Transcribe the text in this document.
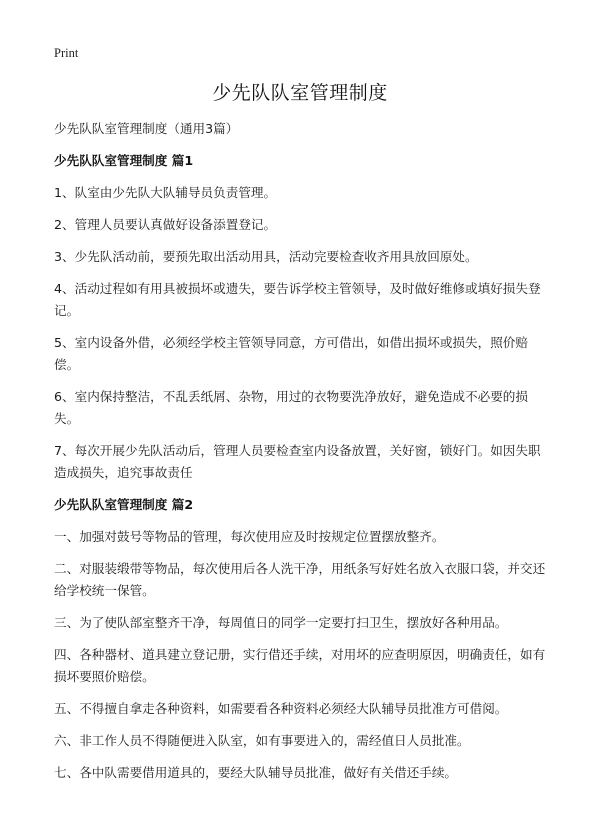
Print
少先队队室管理制度

少先队队室管理制度（通用3篇）

少先队队室管理制度 篇1

1、队室由少先队大队辅导员负责管理。

2、管理人员要认真做好设备添置登记。

3、少先队活动前，要预先取出活动用具，活动完要检查收齐用具放回原处。

4、活动过程如有用具被损坏或遗失，要告诉学校主管领导，及时做好维修或填好损失登记。

5、室内设备外借，必须经学校主管领导同意，方可借出，如借出损坏或损失，照价赔偿。

6、室内保持整洁，不乱丢纸屑、杂物，用过的衣物要洗净放好，避免造成不必要的损失。

7、每次开展少先队活动后，管理人员要检查室内设备放置，关好窗，锁好门。如因失职造成损失，追究事故责任

少先队队室管理制度 篇2

一、加强对鼓号等物品的管理，每次使用应及时按规定位置摆放整齐。

二、对服装缎带等物品，每次使用后各人洗干净，用纸条写好姓名放入衣服口袋，并交还给学校统一保管。

三、为了使队部室整齐干净，每周值日的同学一定要打扫卫生，摆放好各种用品。

四、各种器材、道具建立登记册，实行借还手续，对用坏的应查明原因，明确责任，如有损坏要照价赔偿。

五、不得擅自拿走各种资料，如需要看各种资料必须经大队辅导员批准方可借阅。

六、非工作人员不得随便进入队室，如有事要进入的，需经值日人员批准。

七、各中队需要借用道具的，要经大队辅导员批准，做好有关借还手续。
